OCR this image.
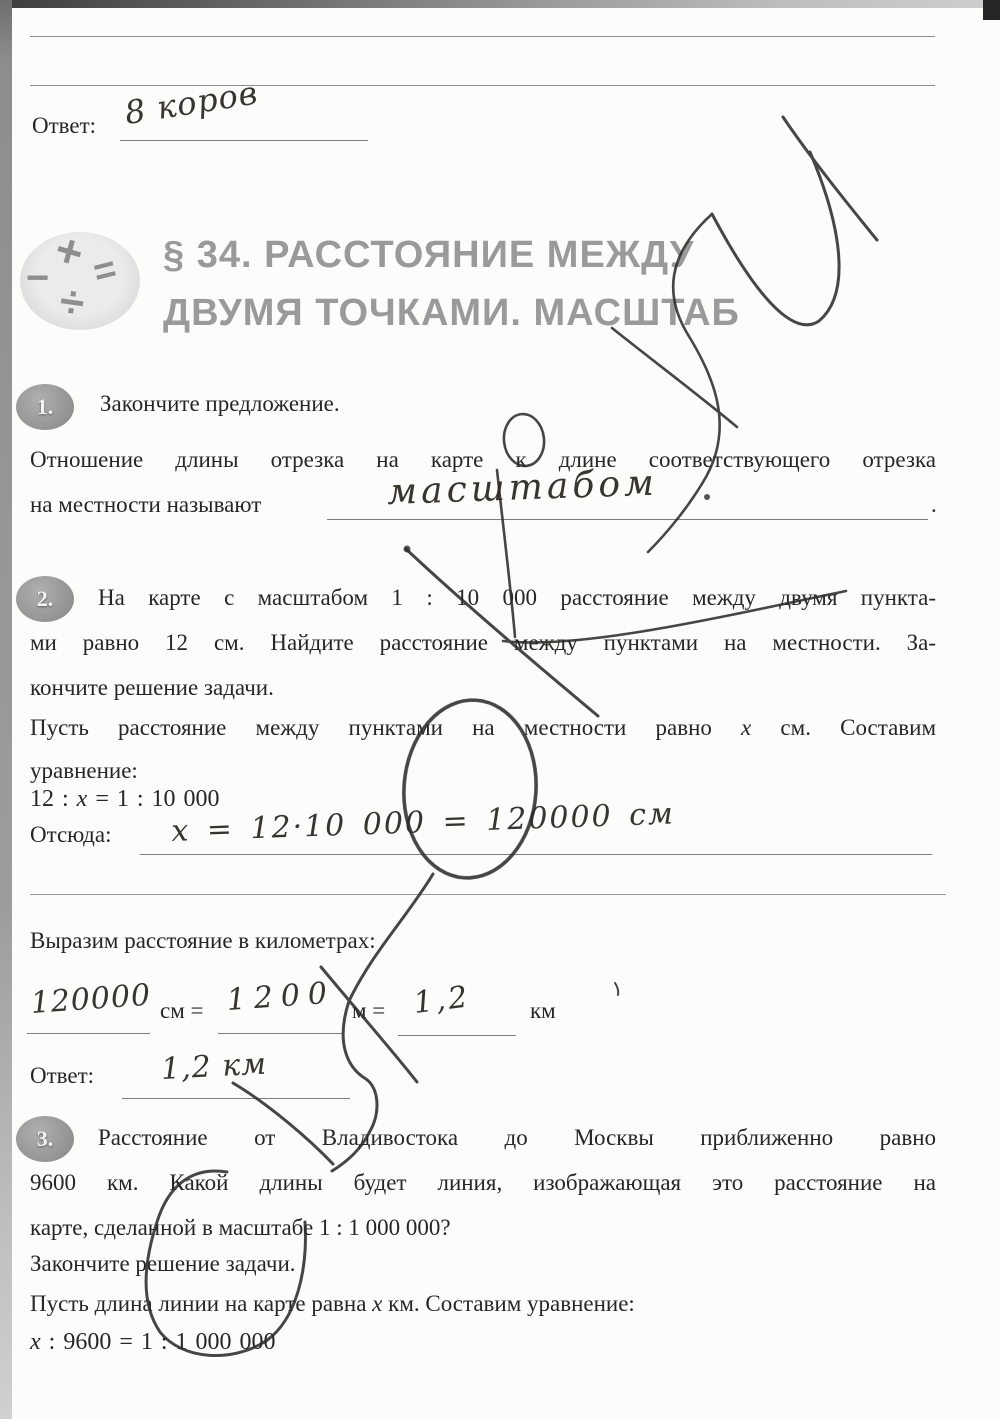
Ответ: 8 коров
+
− =
÷
§ 34. РАССТОЯНИЕ МЕЖДУ
ДВУМЯ ТОЧКАМИ. МАСШТАБ
1. Закончите предложение.
Отношение длины отрезка на карте к длине соответствующего отрезка
на местности называют	масштабом	.
2. На карте с масштабом 1 : 10 000 расстояние между двумя пункта-
ми равно 12 см. Найдите расстояние между пунктами на местности. За-
кончите решение задачи.
Пусть расстояние между пунктами на местности равно x см. Составим
уравнение:
12 : x = 1 : 10 000
Отсюда: x = 12·10 000 = 120000 см
Выразим расстояние в километрах:
см =	м =	км
120000 1200	1,2
Ответ: 1,2 км
3. Расстояние от Владивостока до Москвы приближенно равно
9600 км. Какой длины будет линия, изображающая это расстояние на
карте, сделанной в масштабе 1 : 1 000 000?
Закончите решение задачи.
Пусть длина линии на карте равна x км. Составим уравнение:
x : 9600 = 1 : 1 000 000
